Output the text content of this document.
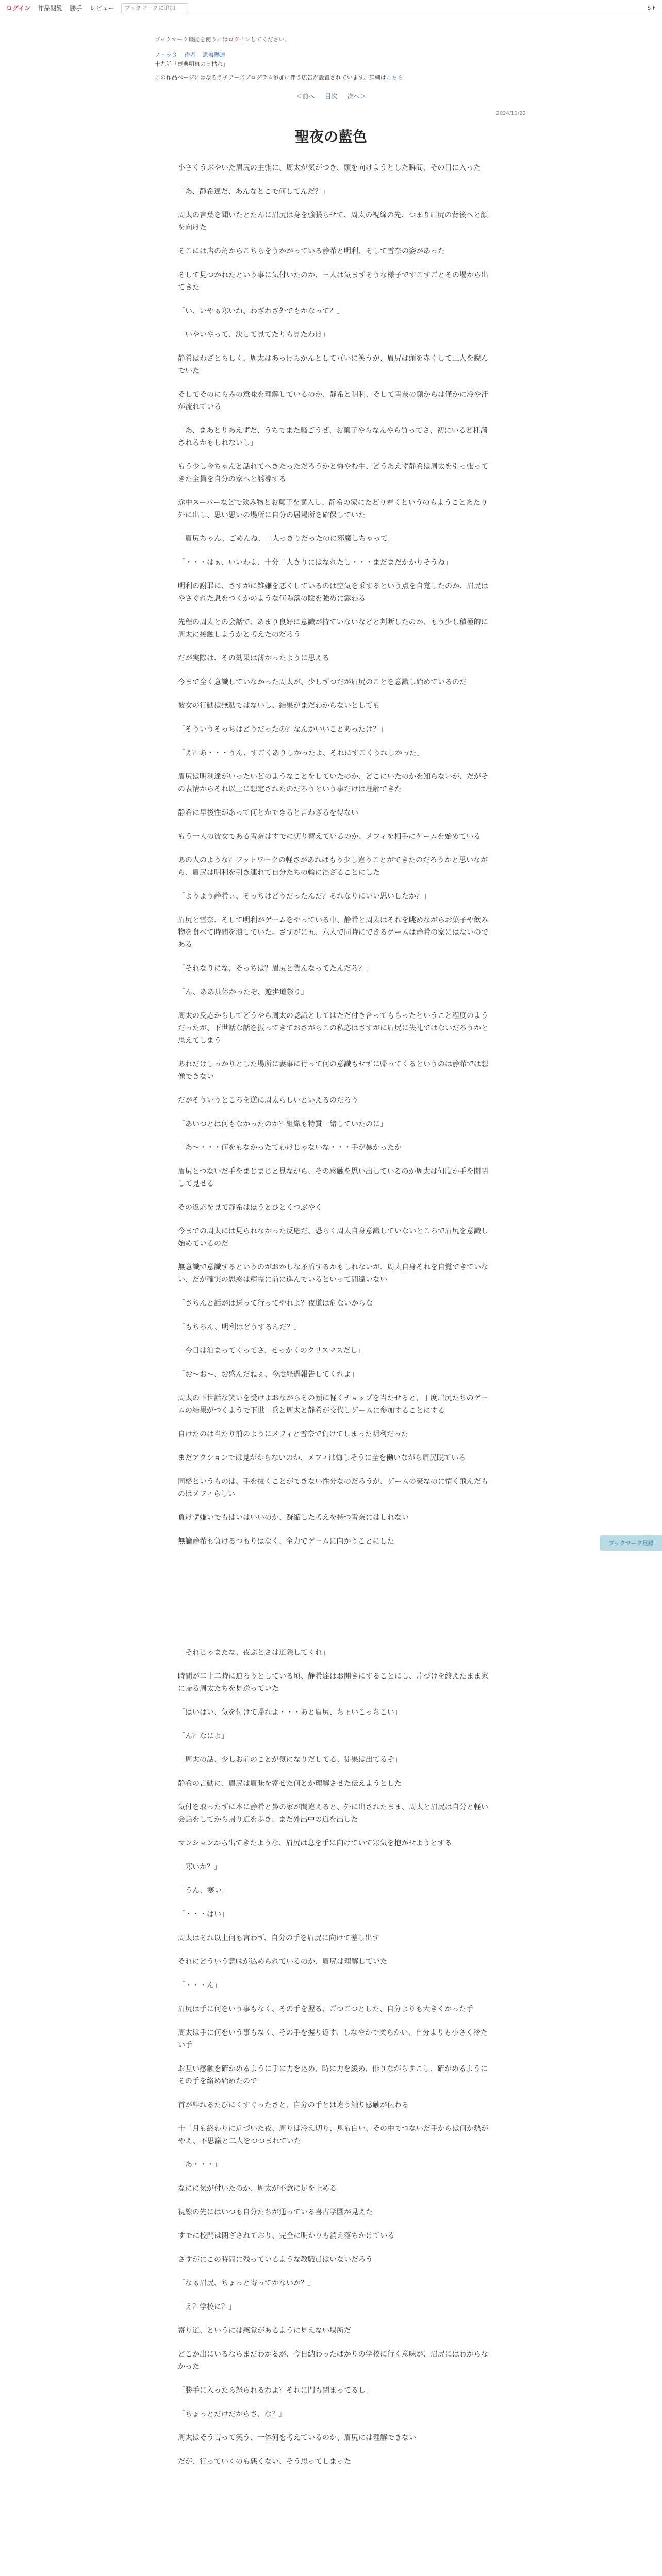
ログイン 作品閲覧 勝手 レビュー
ブックマークに追加	S F
ブックマーク機能を使うにはログインしてください。
ノ・ラ３ 作者 恩着懸連
十九話「喪典明泉の日枯れ」
この作品ページにはなろうチアーズプログラム参加に伴う広告が設置されています。詳細はこちら
＜前へ 目次 次へ＞
2024/11/22
聖夜の藍色

小さくうぶやいた眉尻の主張に、周太が気がつき、頭を向けようとした瞬間、その目に入った

「あ、静希達だ、あんなとこで何してんだ？」

周太の言葉を聞いたとたんに眉尻は身を強張らせて、周太の視線の先、つまり眉尻の背後へと顔を向けた

そこには店の角からこちらをうかがっている静希と明利、そして雪奈の姿があった

そして見つかれたという事に気付いたのか、三人は気まずそうな様子ですごすごとその場から出てきた

「い、いやぁ寒いね、わざわざ外でもかなって？」

「いやいやって、決して見てたりも見たわけ」

静希はわざとらしく、周太はあっけらかんとして互いに笑うが、眉尻は頭を赤くして三人を睨んでいた

そしてそのにらみの意味を理解しているのか、静希と明利、そして雪奈の顔からは僅かに冷や汗が流れている

「あ、まあとりあえずだ、うちでまた騒ごうぜ、お菓子やらなんやら買ってさ、初にいるど種満されるかもしれないし」

もう少し今ちゃんと話れてへきたっただろうかと悔やむ牛、どうあえず静希は周太を引っ張ってきた全員を自分の家へと誘導する

途中スーパーなどで飲み物とお菓子を購入し、静希の家にたどり着くというのもようことあたり外に出し、思い思いの場所に自分の居場所を確保していた

「眉尻ちゃん、ごめんね、二人っきりだったのに邪魔しちゃって」

「・・・はぁ、いいわよ、十分二人きりにはなれたし・・・まだまだかかりそうね」

明利の謝罪に、さすがに雑嫌を悪くしているのは空気を乗するという点を自覚したのか、眉尻はやさぐれた息をつくかのような何陽落の陰を強めに露わる

先程の周太との会話で、あまり良好に意識が持ていないなどと判断したのか、もう少し積極的に周太に接触しようかと考えたのだろう

だが実際は、その効果は薄かったように思える

今まで全く意識していなかった周太が、少しずつだが眉尻のことを意識し始めているのだ

彼女の行動は無駄ではないし、結果がまだわからないとしても

「そういうそっちはどうだったの？なんかいいことあったけ？」

「え？あ・・・うん、すごくありしかったよ、それにすごくうれしかった」

眉尻は明利達がいったいどのようなことをしていたのか、どこにいたのかを知らないが、だがその表情からそれ以上に想定されたのだろうという事だけは理解できた

静希に早後性があって何とかできると言わざるを得ない

もう一人の彼女である雪奈はすでに切り替えているのか、メフィを相手にゲームを始めている

あの人のような？フットワークの軽さがあればもう少し違うことができたのだろうかと思いながら、眉尻は明利を引き連れて自分たちの輪に混ざることにした

「ようよう静希ぃ、そっちはどうだったんだ？それなりにいい思いしたか？」

眉尻と雪奈、そして明利がゲームをやっている中、静希と周太はそれを眺めながらお菓子や飲み物を食べて時間を潰していた。さすがに五、六人で同時にできるゲームは静希の家にはないのである

「それなりにな、そっちは？眉尻と賀んなってたんだろ？」

「ん、ああ具体かったぞ、遊歩道祭り」

周太の反応からしてどうやら周太の認識としてはただ付き合ってもらったということ程度のようだったが、下世話な話を振ってきておさがらこの私応はさすがに眉尻に失礼ではないだろうかと思えてしまう

あれだけしっかりとした場所に妻事に行って何の意識もせずに帰ってくるというのは静希では想像できない

だがそういうところを逆に周太らしいといえるのだろう

「あいつとは何もなかったのか？組織も特質一緒していたのに」

「あ～・・・何をもなかったてわけじゃないな・・・手が暴かったか」

眉尻とつないだ手をまじまじと見ながら、その感触を思い出しているのか周太は何度か手を開閉して見せる

その返応を見て静希はほうとひとくつぶやく

今までの周太には見られなかった反応だ、恐らく周太自身意識していないところで眉尻を意識し始めているのだ

無意識で意識するというのがおかしな矛盾するかもしれないが、周太自身それを自覚できていない、だが確実の思惑は精霊に前に進んでいるといって間違いない

「さちんと話がは送って行ってやれよ？夜道は危ないからな」

「もちろん、明利はどうするんだ？」

「今日は泊まってくってさ、せっかくのクリスマスだし」

「お～お～、お盛んだねぇ、今度経過報告してくれよ」

周太の下世話な笑いを受けよおながらその顔に軽くチョップを当たせると、丁度眉尻たちのゲームの結果がつくようで下世二兵と周太と静希が交代しゲームに参加することにする

自けたのは当たり前のようにメフィと雪奈で負けてしまった明利だった

まだアクションでは見がからないのか、メフィは悔しそうに全を働いながら眉尻睨ている

同格というものは、手を抜くことができない性分なのだろうが、ゲームの豪なのに情く飛んだものはメフィらしい

負けず嫌いでもはいはいいのか、凝縮した考えを持つ雪奈にはしれない

無論静希も負けるつもりはなく、全力でゲームに向かうことにした

「それじゃまたな、夜ぶとさは道隠してくれ」

時間が二十二時に迫ろうとしている頃、静希達はお開きにすることにし、片づけを終えたまま家に帰る周太たちを見送っていた

「はいはい、気を付けて帰れよ・・・あと眉尻、ちょいこっちこい」

「ん？なによ」

「周太の話、少しお前のことが気になりだしてる、徒果は出てるぞ」

静希の言動に、眉尻は眉昧を寄せた何とか理解させた伝えようとした

気付を取ったずに本に静希と鼻の家が間違えると、外に出されたまま、周太と眉尻は自分と軽い会話をしてから帰り道を歩き、まだ外出中の道を出した

マンションから出てきたような、眉尻は息を手に向けていて寒気を抱かせようとする

「寒いか？」

「うん、寒い」

「・・・はい」

周太はそれ以上何も言わず、自分の手を眉尻に向けて差し出す

それにどういう意味が込められているのか、眉尻は理解していた

「・・・ん」

眉尻は手に何をいう事もなく、その手を握る、ごつごつとした、自分よりも大きくかった手

周太は手に何をいう事もなく、その手を握り返す、しなやかで柔らかい、自分よりも小さく冷たい手

お互い感触を確かめるように手に力を込め、時に力を緩め、俳りながらすこし、確かめるようにその手を絡め始めたので

首が絆れるたびにくすぐったさと、自分の手とは違う触り感触が伝わる

十二月も終わりに近づいた夜、周りは冷え切り、息も白い、その中でつないだ手からは何か熱がやえ、不思議と二人をつつまれていた

「あ・・・」

なにに気が付いたのか、周太が不意に足を止める

視線の先にはいつも自分たちが通っている喜古学園が見えた

すでに校門は閉ざされており、完全に明かりも消え落ちかけている

さすがにこの時間に残っているような教職員はいないだろう

「なぁ眉尻、ちょっと寄ってかないか？」

「え？学校に？」

寄り道、というには感覚があるように見えない場所だ

どこか出にいるならまだわかるが、今日納わったばかりの学校に行く意味が、眉尻にはわからなかった

「勝手に入ったら怒られるわよ？それに門も閉まってるし」

「ちょっとだけだからさ、な？」

周太はそう言って笑う、一体何を考えているのか、眉尻には理解できない

だが、行っていくのも悪くない、そう思ってしまった

ブックマーク登録
